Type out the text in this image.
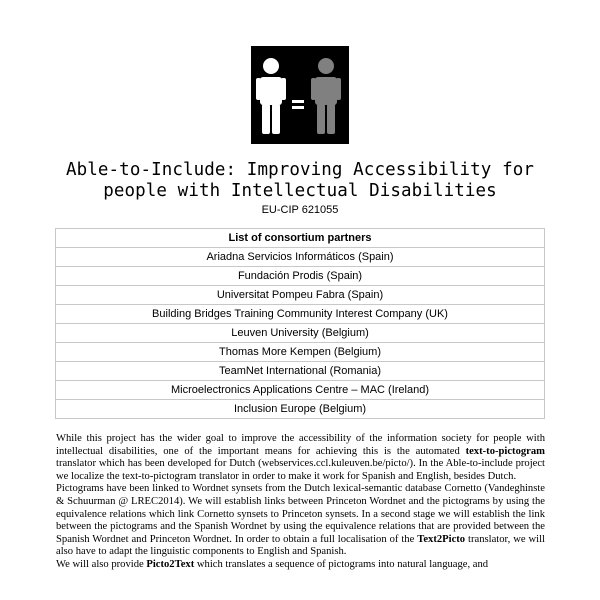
Able-to-Include: Improving Accessibility for
people with Intellectual Disabilities
EU-CIP 621055
List of consortium partners
Ariadna Servicios Informáticos (Spain)
Fundación Prodis (Spain)
Universitat Pompeu Fabra (Spain)
Building Bridges Training Community Interest Company (UK)
Leuven University (Belgium)
Thomas More Kempen (Belgium)
TeamNet International (Romania)
Microelectronics Applications Centre – MAC (Ireland)
Inclusion Europe (Belgium)

While this project has the wider goal to improve the accessibility of the information society for people with intellectual disabilities, one of the important means for achieving this is the automated text-to-pictogram translator which has been developed for Dutch (webservices.ccl.kuleuven.be/picto/). In the Able-to-include project we localize the text-to-pictogram translator in order to make it work for Spanish and English, besides Dutch.

Pictograms have been linked to Wordnet synsets from the Dutch lexical-semantic database Cornetto (Vandeghinste & Schuurman @ LREC2014). We will establish links between Princeton Wordnet and the pictograms by using the equivalence relations which link Cornetto synsets to Princeton synsets. In a second stage we will establish the link between the pictograms and the Spanish Wordnet by using the equivalence relations that are provided between the Spanish Wordnet and Princeton Wordnet. In order to obtain a full localisation of the Text2Picto translator, we will also have to adapt the linguistic components to English and Spanish.

We will also provide Picto2Text which translates a sequence of pictograms into natural language, and
